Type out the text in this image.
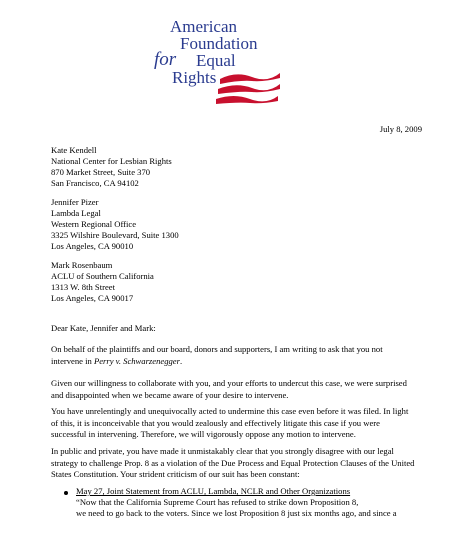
American
Foundation
for Equal
Rights
July 8, 2009
Kate Kendell
National Center for Lesbian Rights
870 Market Street, Suite 370
San Francisco, CA 94102
Jennifer Pizer
Lambda Legal
Western Regional Office
3325 Wilshire Boulevard, Suite 1300
Los Angeles, CA 90010
Mark Rosenbaum
ACLU of Southern California
1313 W. 8th Street
Los Angeles, CA 90017
Dear Kate, Jennifer and Mark:
On behalf of the plaintiffs and our board, donors and supporters, I am writing to ask that you not
intervene in Perry v. Schwarzenegger.
Given our willingness to collaborate with you, and your efforts to undercut this case, we were surprised
and disappointed when we became aware of your desire to intervene.
You have unrelentingly and unequivocally acted to undermine this case even before it was filed. In light
of this, it is inconceivable that you would zealously and effectively litigate this case if you were
successful in intervening. Therefore, we will vigorously oppose any motion to intervene.
In public and private, you have made it unmistakably clear that you strongly disagree with our legal
strategy to challenge Prop. 8 as a violation of the Due Process and Equal Protection Clauses of the United
States Constitution. Your strident criticism of our suit has been constant:
May 27, Joint Statement from ACLU, Lambda, NCLR and Other Organizations
“Now that the California Supreme Court has refused to strike down Proposition 8,
we need to go back to the voters. Since we lost Proposition 8 just six months ago, and since a
